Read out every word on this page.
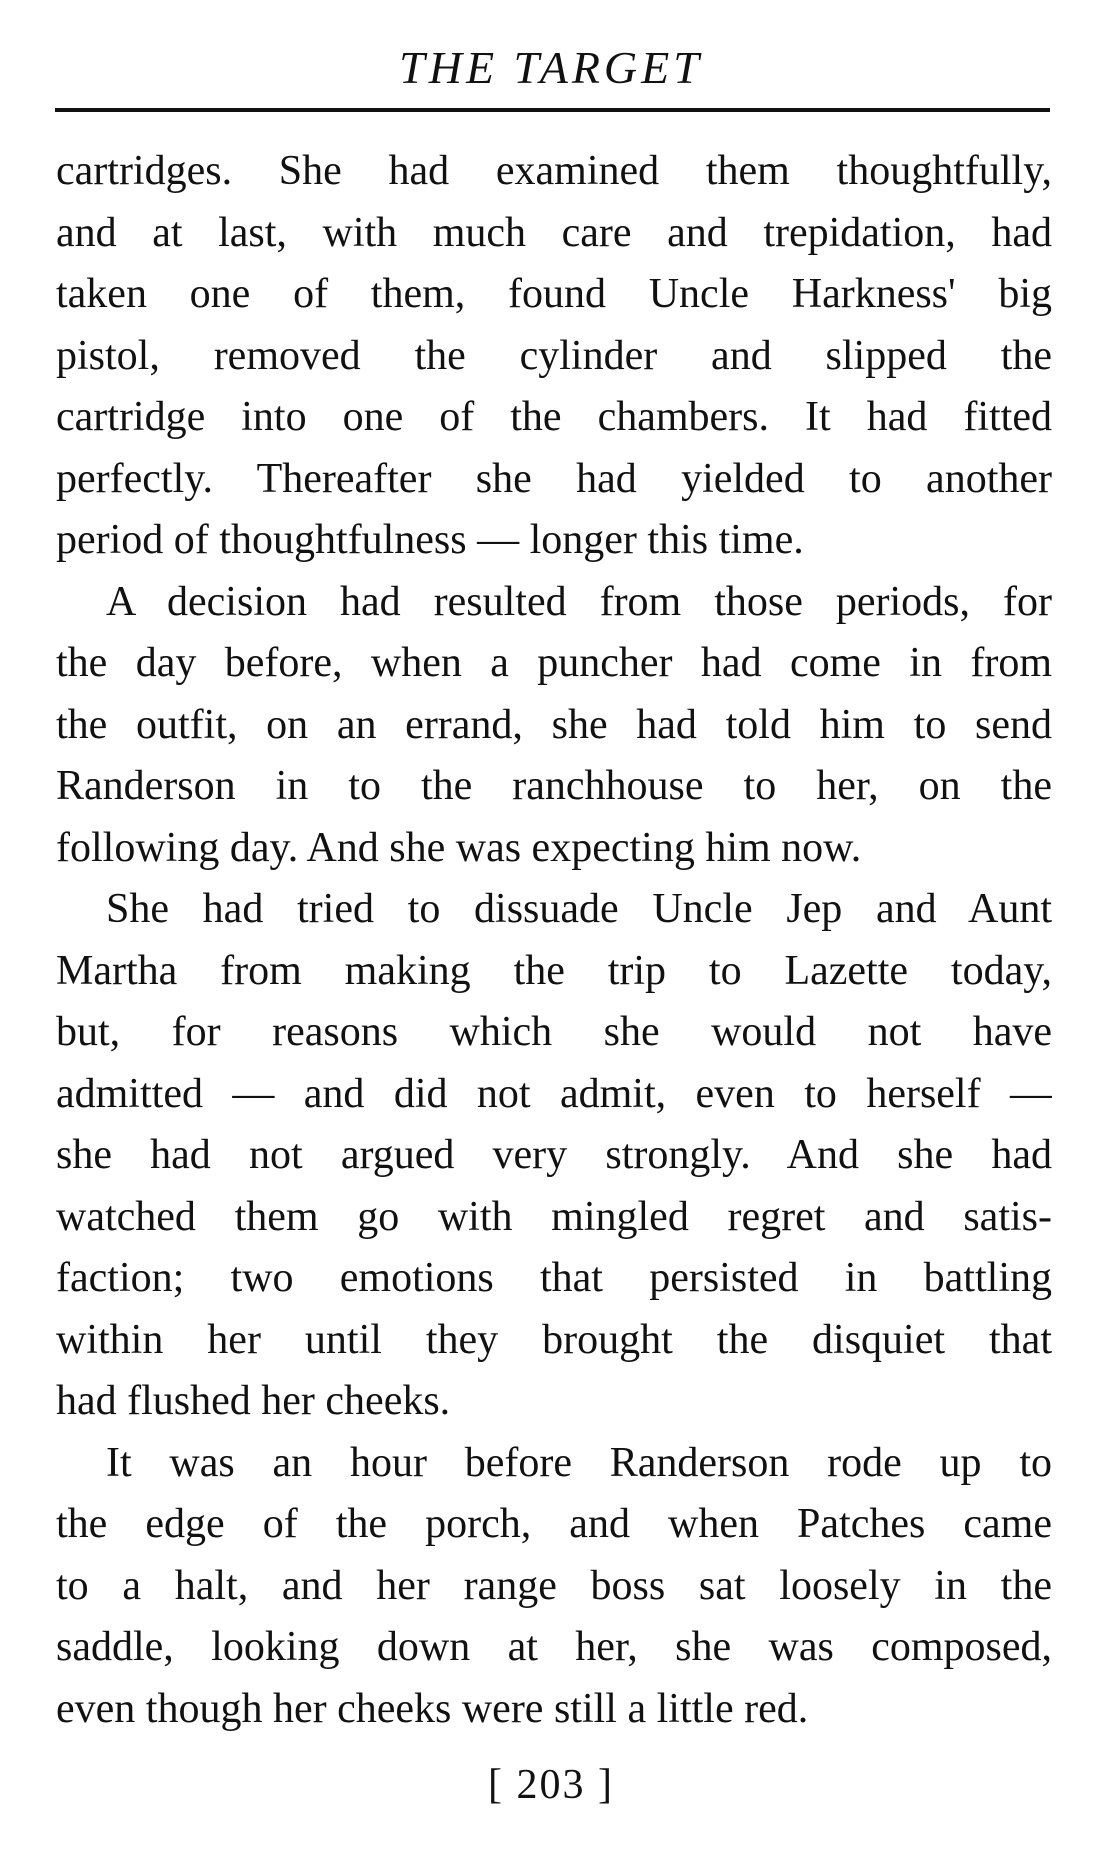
THE TARGET
cartridges. She had examined them thoughtfully,
and at last, with much care and trepidation, had
taken one of them, found Uncle Harkness' big
pistol, removed the cylinder and slipped the
cartridge into one of the chambers. It had fitted
perfectly. Thereafter she had yielded to another
period of thoughtfulness — longer this time.
A decision had resulted from those periods, for
the day before, when a puncher had come in from
the outfit, on an errand, she had told him to send
Randerson in to the ranchhouse to her, on the
following day. And she was expecting him now.
She had tried to dissuade Uncle Jep and Aunt
Martha from making the trip to Lazette today,
but, for reasons which she would not have
admitted — and did not admit, even to herself —
she had not argued very strongly. And she had
watched them go with mingled regret and satis-
faction; two emotions that persisted in battling
within her until they brought the disquiet that
had flushed her cheeks.
It was an hour before Randerson rode up to
the edge of the porch, and when Patches came
to a halt, and her range boss sat loosely in the
saddle, looking down at her, she was composed,
even though her cheeks were still a little red.
[ 203 ]
